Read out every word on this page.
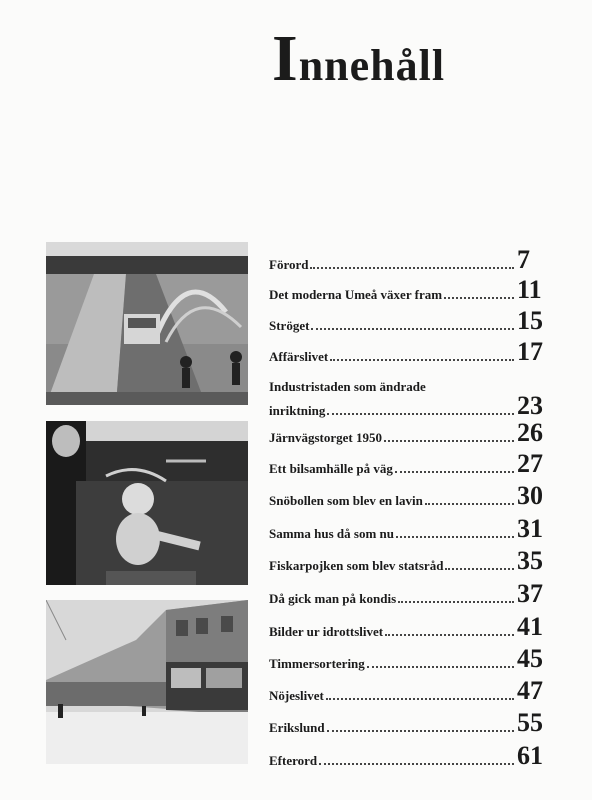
Innehåll
Förord	7
Det moderna Umeå växer fram	11
Ströget	15
Affärslivet	17
Industristaden som ändrade
inriktning	23
Järnvägstorget 1950	26
Ett bilsamhälle på väg	27
Snöbollen som blev en lavin	30
Samma hus då som nu	31
Fiskarpojken som blev statsråd	35
Då gick man på kondis	37
Bilder ur idrottslivet	41
Timmersortering	45
Nöjeslivet	47
Erikslund	55
Efterord	61
